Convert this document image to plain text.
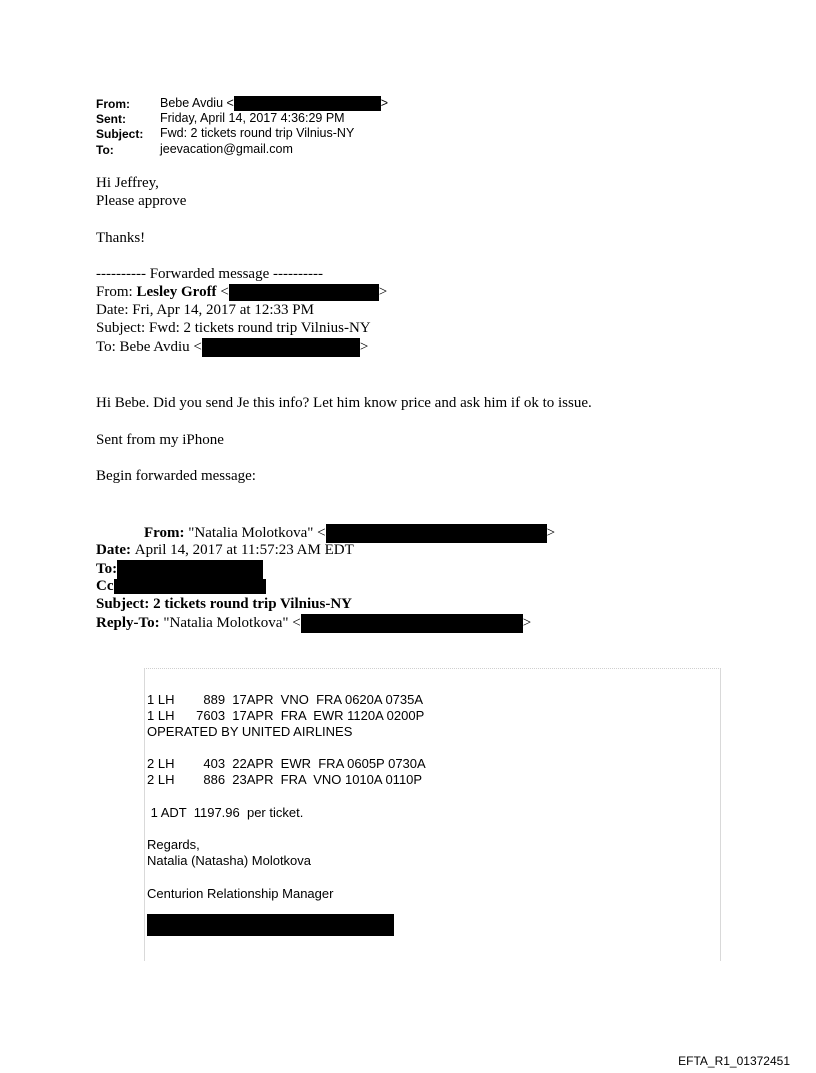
From: Bebe Avdiu <	>
Sent:	Friday, April 14, 2017 4:36:29 PM
Subject: Fwd: 2 tickets round trip Vilnius-NY
To:	jeevacation@gmail.com
Hi Jeffrey,
Please approve
Thanks!
---------- Forwarded message ----------
From: Lesley Groff <	>
Date: Fri, Apr 14, 2017 at 12:33 PM
Subject: Fwd: 2 tickets round trip Vilnius-NY
To: Bebe Avdiu <	>
Hi Bebe. Did you send Je this info? Let him know price and ask him if ok to issue.
Sent from my iPhone
Begin forwarded message:
From: "Natalia Molotkova" <	>
Date: April 14, 2017 at 11:57:23 AM EDT
To:
Cc
Subject: 2 tickets round trip Vilnius-NY
Reply-To: "Natalia Molotkova" <	>
1 LH        889  17APR  VNO  FRA 0620A 0735A
1 LH      7603  17APR  FRA  EWR 1120A 0200P
OPERATED BY UNITED AIRLINES
2 LH        403  22APR  EWR  FRA 0605P 0730A
2 LH        886  23APR  FRA  VNO 1010A 0110P
1 ADT  1197.96  per ticket.
Regards,
Natalia (Natasha) Molotkova
Centurion Relationship Manager
EFTA_R1_01372451
